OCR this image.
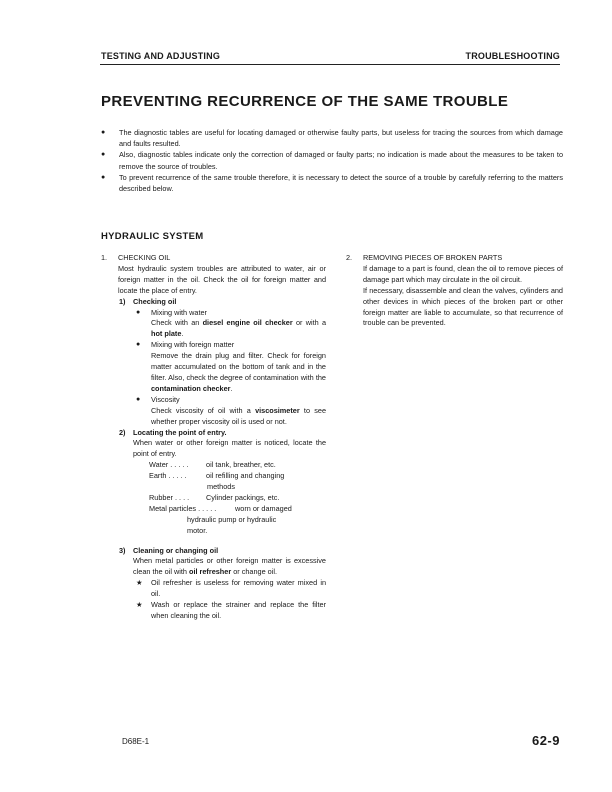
TESTING AND ADJUSTING	TROUBLESHOOTING
PREVENTING RECURRENCE OF THE SAME TROUBLE
● The diagnostic tables are useful for locating damaged or otherwise faulty parts, but useless for tracing the sources from which damage and faults resulted.
● Also, diagnostic tables indicate only the correction of damaged or faulty parts; no indication is made about the measures to be taken to remove the source of troubles.
● To prevent recurrence of the same trouble therefore, it is necessary to detect the source of a trouble by carefully referring to the matters described below.
HYDRAULIC SYSTEM
1. CHECKING OIL
Most hydraulic system troubles are attributed to water, air or foreign matter in the oil. Check the oil for foreign matter and locate the place of entry.
1) Checking oil
● Mixing with water
Check with an diesel engine oil checker or with a hot plate.
● Mixing with foreign matter
Remove the drain plug and filter. Check for foreign matter accumulated on the bottom of tank and in the filter. Also, check the degree of contamination with the contamination checker.
● Viscosity
Check viscosity of oil with a viscosimeter to see whether proper viscosity oil is used or not.
2) Locating the point of entry.
When water or other foreign matter is noticed, locate the point of entry.
Water . . . . . oil tank, breather, etc.
Earth . . . . .	oil refilling and changing
methods
Rubber . . . . Cylinder packings, etc.
Metal particles . . . . .	worn or damaged
hydraulic pump or hydraulic
motor.
3) Cleaning or changing oil
When metal particles or other foreign matter is excessive clean the oil with oil refresher or change oil.
★ Oil refresher is useless for removing water mixed in oil.
★ Wash or replace the strainer and replace the filter when cleaning the oil.
2. REMOVING PIECES OF BROKEN PARTS
If damage to a part is found, clean the oil to remove pieces of damage part which may circulate in the oil circuit.
If necessary, disassemble and clean the valves, cylinders and other devices in which pieces of the broken part or other foreign matter are liable to accumulate, so that recurrence of trouble can be prevented.
D68E-1	62-9
